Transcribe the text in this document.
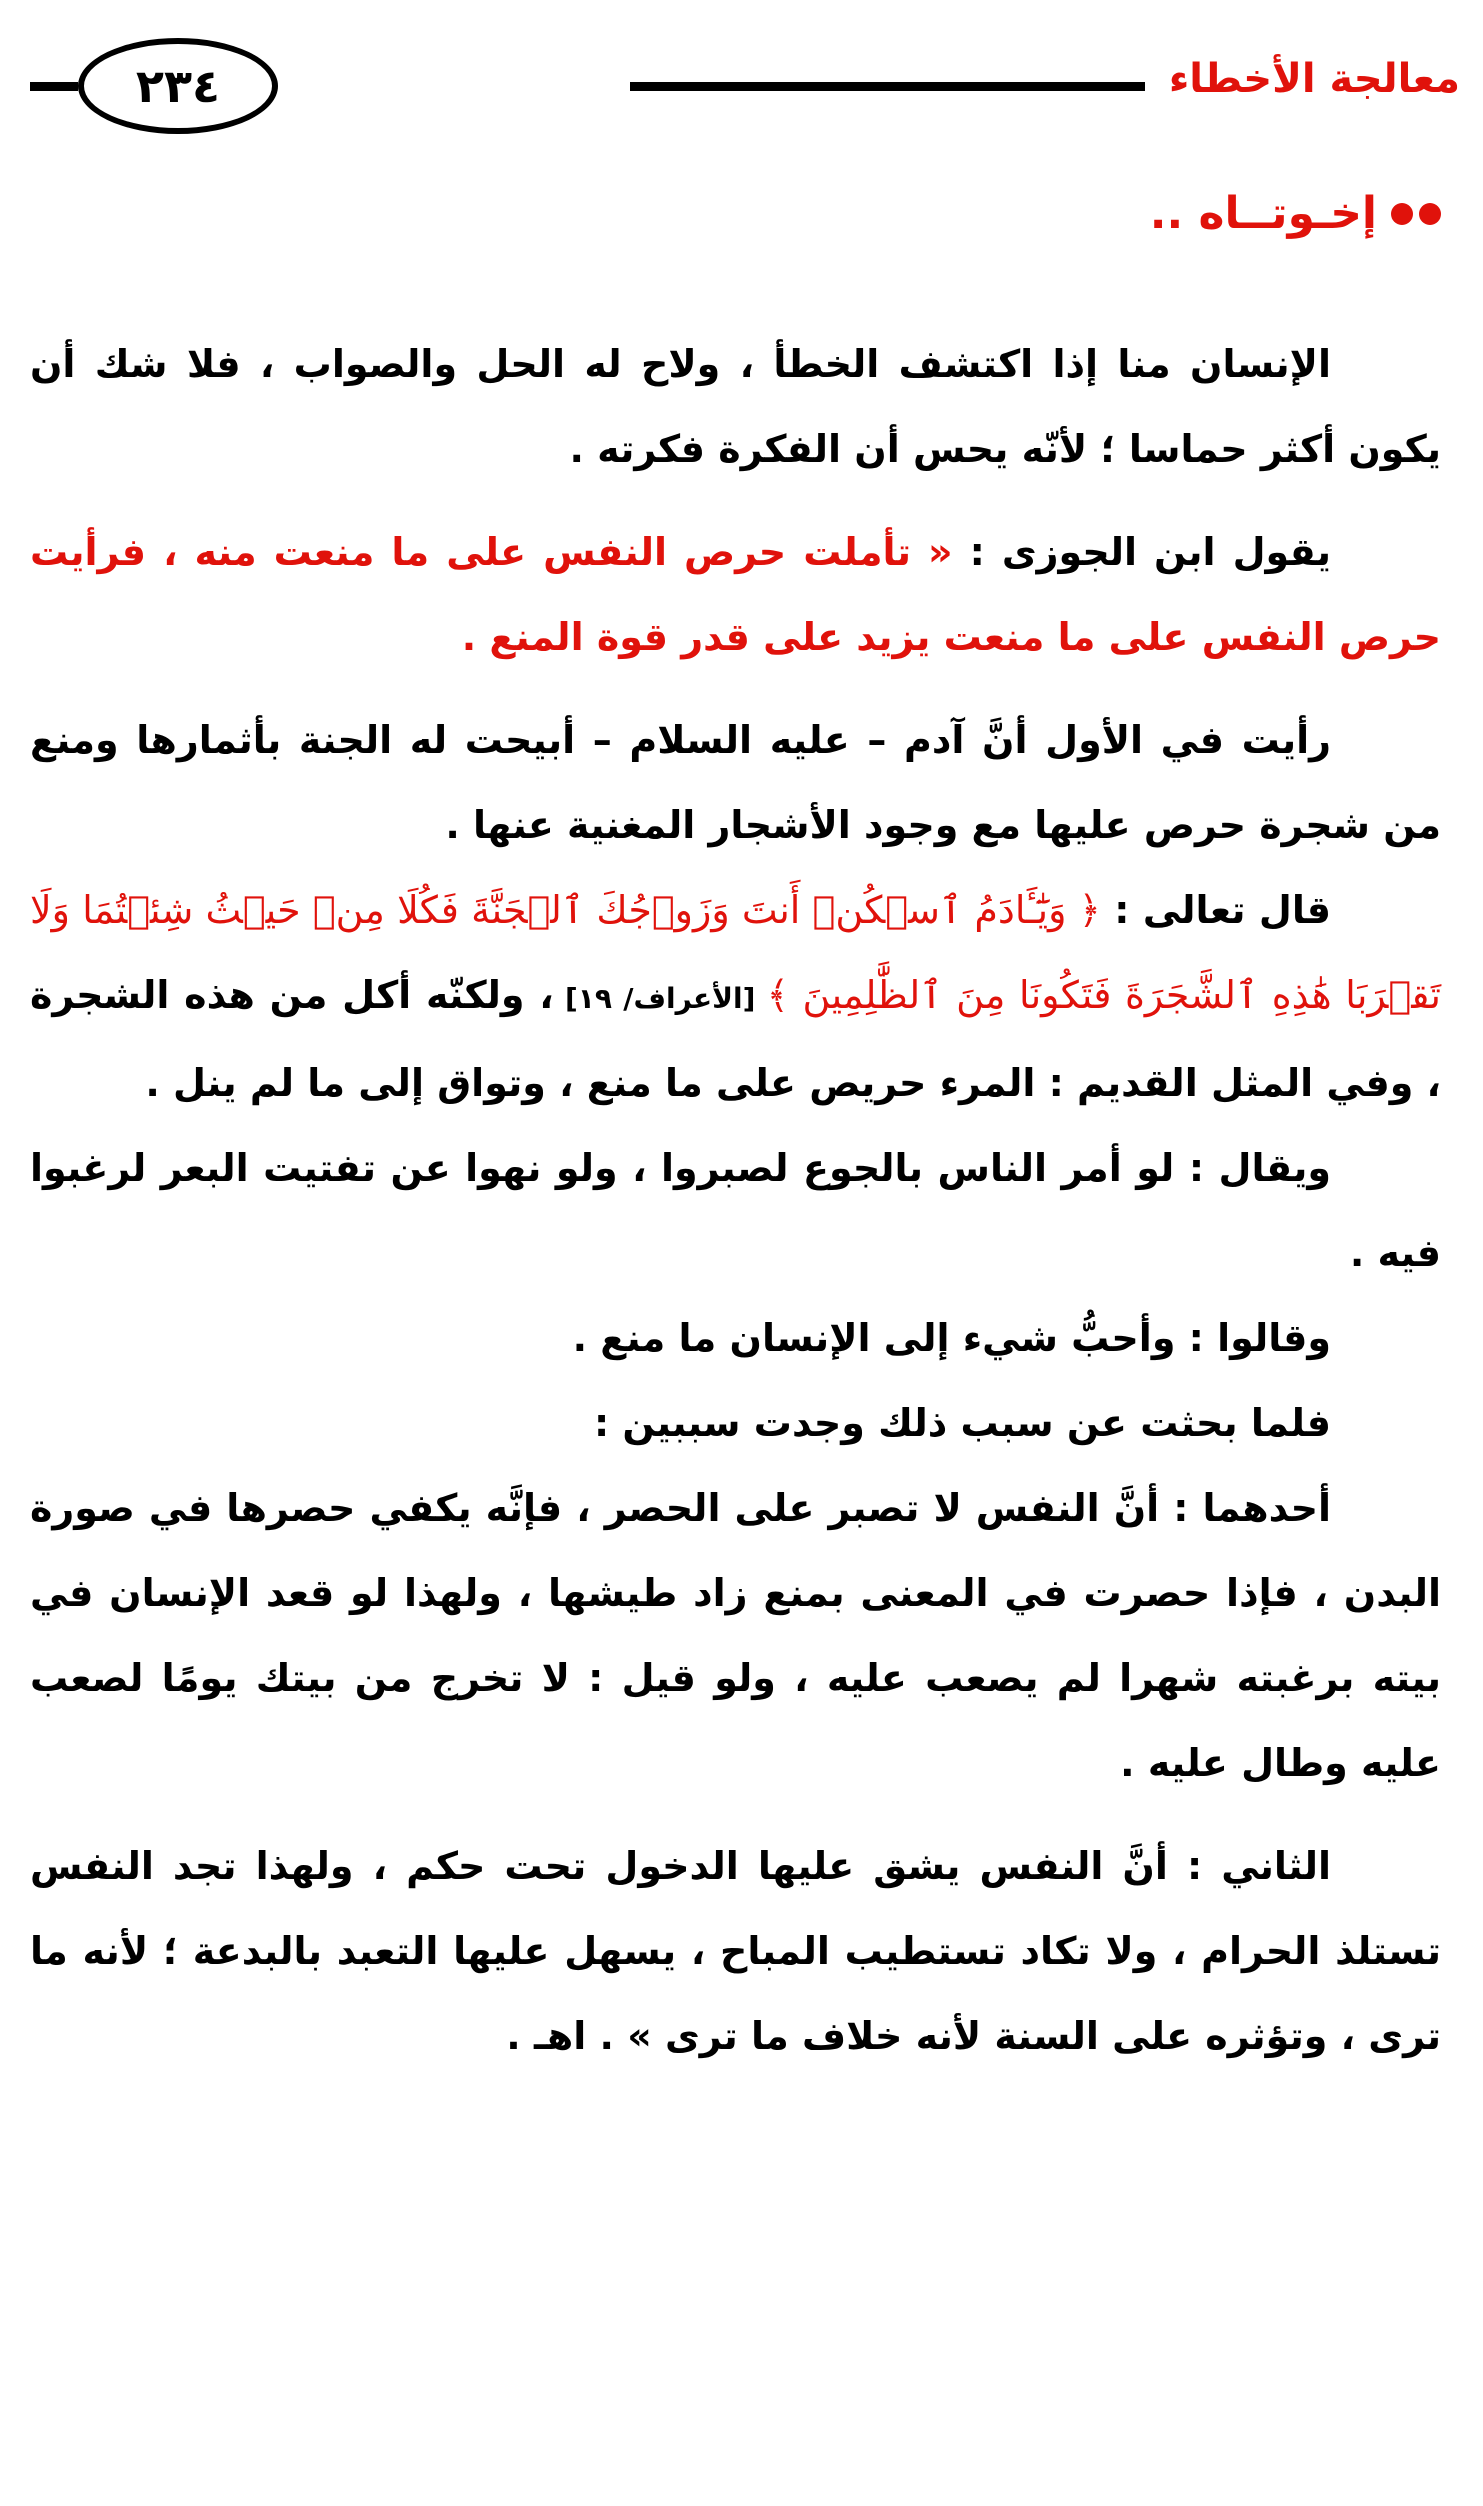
معالجة الأخطاء
٢٣٤
إخـوتــاه ..

الإنسان منا إذا اكتشف الخطأ ، ولاح له الحل والصواب ، فلا شك أن يكون أكثر حماسا ؛ لأنّه يحس أن الفكرة فكرته .

يقول ابن الجوزى : « تأملت حرص النفس على ما منعت منه ، فرأيت حرص النفس على ما منعت يزيد على قدر قوة المنع .

رأيت في الأول أنَّ آدم – عليه السلام – أبيحت له الجنة بأثمارها ومنع من شجرة حرص عليها مع وجود الأشجار المغنية عنها .

قال تعالى : ﴿ وَيَٰٓـَٔادَمُ ٱسۡكُنۡ أَنتَ وَزَوۡجُكَ ٱلۡجَنَّةَ فَكُلَا مِنۡ حَيۡثُ شِئۡتُمَا وَلَا تَقۡرَبَا هَٰذِهِ ٱلشَّجَرَةَ فَتَكُونَا مِنَ ٱلظَّٰلِمِينَ ﴾ [الأعراف/ ١٩] ، ولكنّه أكل من هذه الشجرة ، وفي المثل القديم : المرء حريص على ما منع ، وتواق إلى ما لم ينل .

ويقال : لو أمر الناس بالجوع لصبروا ، ولو نهوا عن تفتيت البعر لرغبوا فيه .

وقالوا : وأحبُّ شيء إلى الإنسان ما منع .

فلما بحثت عن سبب ذلك وجدت سببين :

أحدهما : أنَّ النفس لا تصبر على الحصر ، فإنَّه يكفي حصرها في صورة البدن ، فإذا حصرت في المعنى بمنع زاد طيشها ، ولهذا لو قعد الإنسان في بيته برغبته شهرا لم يصعب عليه ، ولو قيل : لا تخرج من بيتك يومًا لصعب عليه وطال عليه .

الثاني : أنَّ النفس يشق عليها الدخول تحت حكم ، ولهذا تجد النفس تستلذ الحرام ، ولا تكاد تستطيب المباح ، يسهل عليها التعبد بالبدعة ؛ لأنه ما ترى ، وتؤثره على السنة لأنه خلاف ما ترى » . اهـ .
